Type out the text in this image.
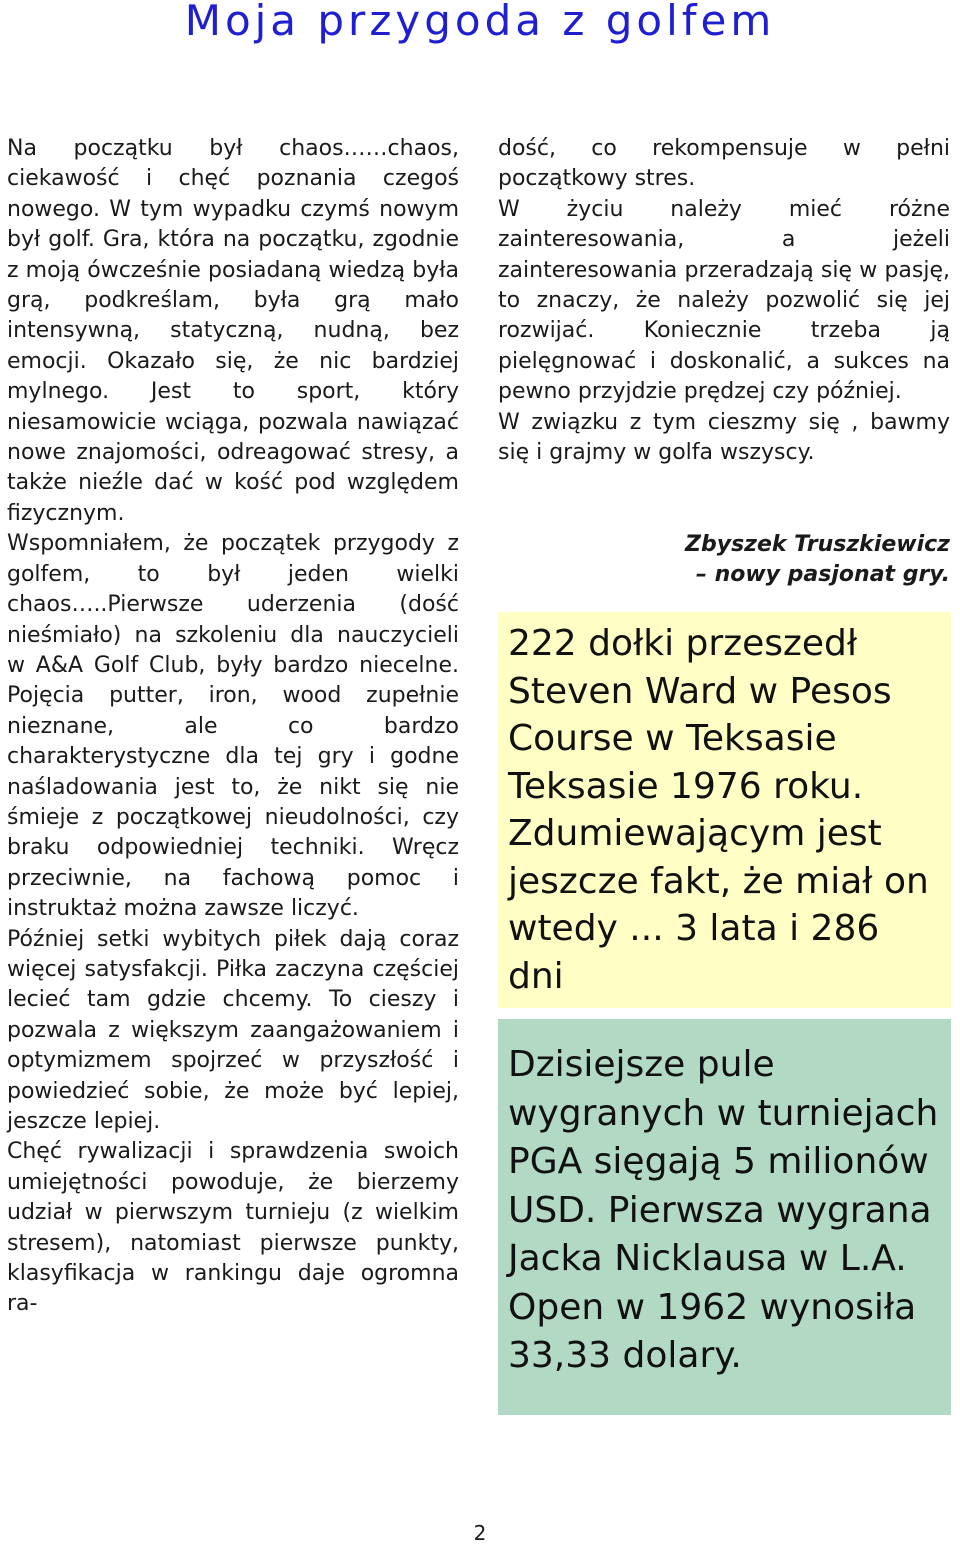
Moja przygoda z golfem

Na początku był chaos……chaos, ciekawość i chęć poznania czegoś nowego. W tym wypadku czymś nowym był golf. Gra, która na początku, zgodnie z moją ówcześnie posiadaną wiedzą była grą, podkreślam, była grą mało intensywną, statyczną, nudną, bez emocji. Okazało się, że nic bardziej mylnego. Jest to sport, który niesamowicie wciąga, pozwala nawiązać nowe znajomości, odreagować stresy, a także nieźle dać w kość pod względem fizycznym.

Wspomniałem, że początek przygody z golfem, to był jeden wielki chaos…..Pierwsze uderzenia (dość nieśmiało) na szkoleniu dla nauczycieli w A&A Golf Club, były bardzo niecelne. Pojęcia putter, iron, wood zupełnie nieznane, ale co bardzo charakterystyczne dla tej gry i godne naśladowania jest to, że nikt się nie śmieje z początkowej nieudolności, czy braku odpowiedniej techniki. Wręcz przeciwnie, na fachową pomoc i instruktaż można zawsze liczyć.

Później setki wybitych piłek dają coraz więcej satysfakcji. Piłka zaczyna częściej lecieć tam gdzie chcemy. To cieszy i pozwala z większym zaangażowaniem i optymizmem spojrzeć w przyszłość i powiedzieć sobie, że może być lepiej, jeszcze lepiej.

Chęć rywalizacji i sprawdzenia swoich umiejętności powoduje, że bierzemy udział w pierwszym turnieju (z wielkim stresem), natomiast pierwsze punkty, klasyfikacja w rankingu daje ogromna ra-

dość, co rekompensuje w pełni początkowy stres.

W życiu należy mieć różne zainteresowania, a jeżeli zainteresowania przeradzają się w pasję, to znaczy, że należy pozwolić się jej rozwijać. Koniecznie trzeba ją pielęgnować i doskonalić, a sukces na pewno przyjdzie prędzej czy później.

W związku z tym cieszmy się , bawmy się i grajmy w golfa wszyscy.

Zbyszek Truszkiewicz

– nowy pasjonat gry.

222 dołki przeszedł Steven Ward w Pesos Course w Teksasie Teksasie 1976 roku. Zdumiewającym jest jeszcze fakt, że miał on wtedy ... 3 lata i 286 dni

Dzisiejsze pule wygranych w turniejach PGA sięgają 5 milionów USD. Pierwsza wygrana Jacka Nicklausa w L.A. Open w 1962 wynosiła 33,33 dolary.

2
